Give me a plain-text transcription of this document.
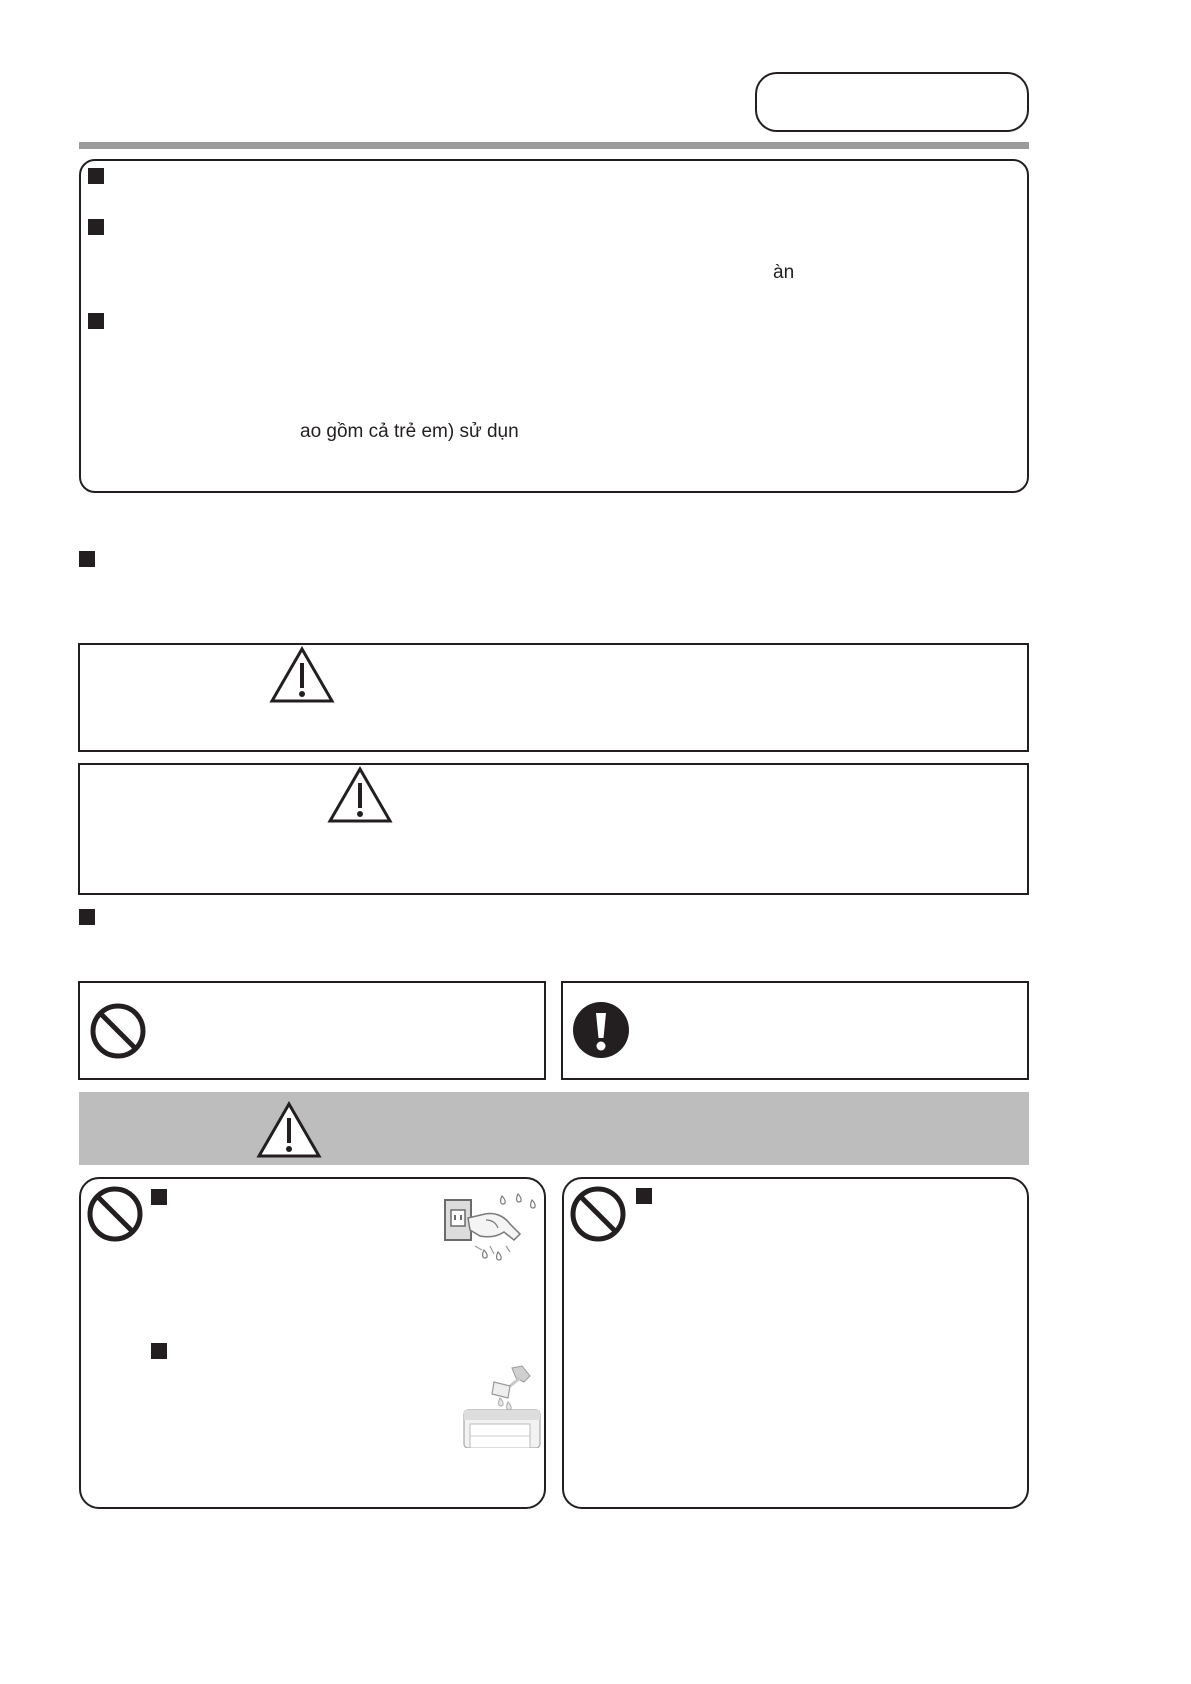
àn
ao gồm cả trẻ em) sử dụn
